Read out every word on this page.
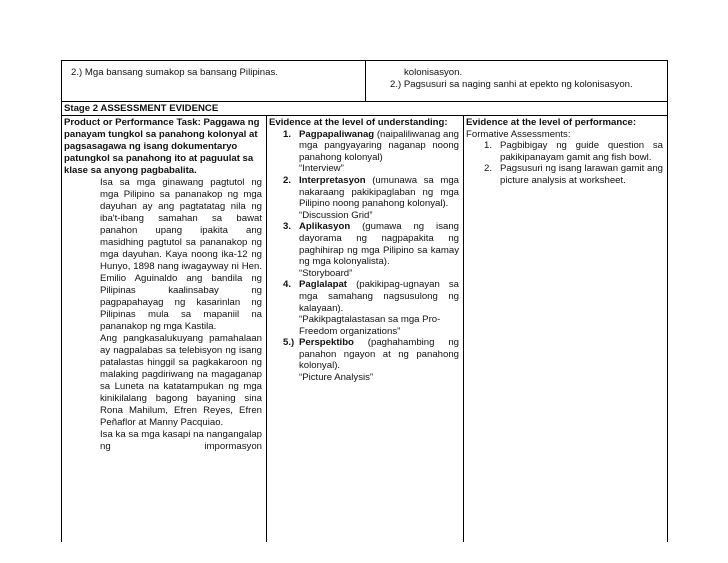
2.) Mga bansang sumakop sa bansang Pilipinas.	kolonisasyon.
2.) Pagsusuri sa naging sanhi at epekto ng kolonisasyon.
Stage 2 ASSESSMENT EVIDENCE
Product or Performance Task: Paggawa ng panayam tungkol sa panahong kolonyal at pagsasagawa ng isang dokumentaryo patungkol sa panahong ito at paguulat sa klase sa anyong pagbabalita.

Isa sa mga ginawang pagtutol ng mga Pilipino sa pananakop ng mga dayuhan ay ang pagtatatag nila ng iba't-ibang samahan sa bawat panahon upang ipakita ang masidhing pagtutol sa pananakop ng mga dayuhan. Kaya noong ika-12 ng Hunyo, 1898 nang iwagayway ni Hen. Emilio Aguinaldo ang bandila ng Pilipinas kaalinsabay ng pagpapahayag ng kasarinlan ng Pilipinas mula sa mapaniil na pananakop ng mga Kastila.

Ang pangkasalukuyang pamahalaan ay nagpalabas sa telebisyon ng isang patalastas hinggil sa pagkakaroon ng malaking pagdiriwang na magaganap sa Luneta na katatampukan ng mga kinikilalang bagong bayaning sina Rona Mahilum, Efren Reyes, Efren Peñaflor at Manny Pacquiao.

Isa ka sa mga kasapi na nangangalap ng impormasyon

Evidence at the level of understanding:
1. Pagpapaliwanag (naipaliliwanag ang mga pangyayaring naganap noong panahong kolonyal)
“Interview”
2. Interpretasyon (umunawa sa mga nakaraang pakikipaglaban ng mga Pilipino noong panahong kolonyal).
“Discussion Grid”
3. Aplikasyon (gumawa ng isang dayorama ng nagpapakita ng paghihirap ng mga Pilipino sa kamay ng mga kolonyalista).
“Storyboard”
4. Paglalapat (pakikipag-ugnayan sa mga samahang nagsusulong ng kalayaan).
“Pakikpagtalastasan sa mga Pro-Freedom organizations”
5.) Perspektibo (paghahambing ng panahon ngayon at ng panahong kolonyal).
“Picture Analysis”
Evidence at the level of performance:
Formative Assessments:
1. Pagbibigay ng guide question sa pakikipanayam gamit ang fish bowl.
2. Pagsusuri ng isang larawan gamit ang picture analysis at worksheet.
